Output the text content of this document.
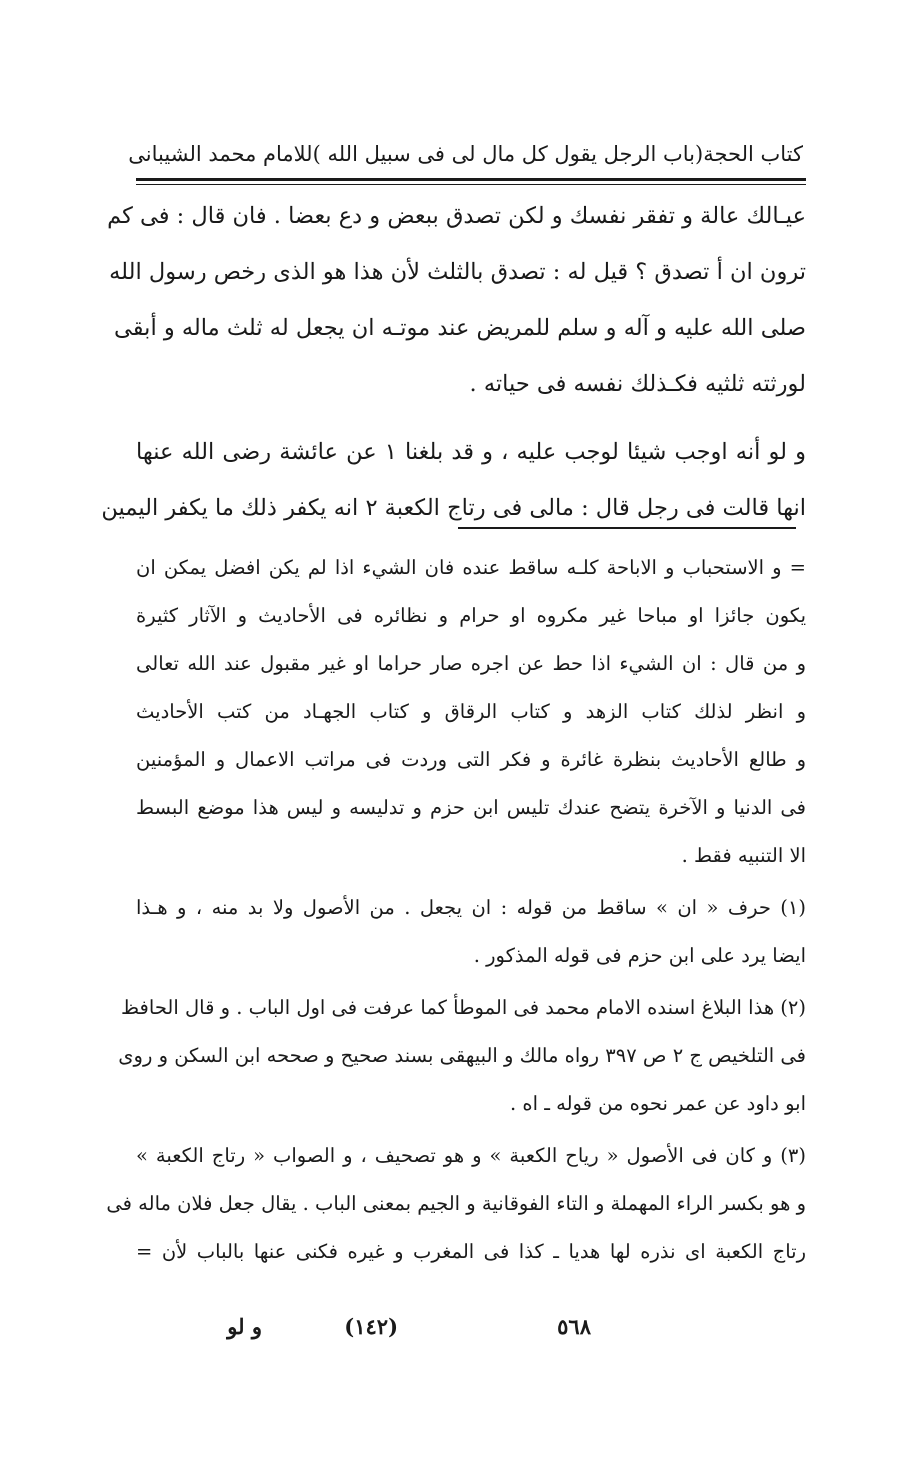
كتاب الحجة
(باب الرجل يقول كل مال لى فى سبيل الله )
للامام محمد الشيبانى
عيـالك عالة و تفقر نفسك و لكن تصدق ببعض و دع بعضا . فان قال : فى كم
ترون ان أ تصدق ؟ قيل له : تصدق بالثلث لأن هذا هو الذى رخص رسول الله
صلى الله عليه و آله و سلم للمريض عند موتـه ان يجعل له ثلث ماله و أبقى
لورثته ثلثيه فكـذلك نفسه فى حياته .
و لو أنه اوجب شيئا لوجب عليه ، و قد بلغنا ١ عن عائشة رضى الله عنها
انها قالت فى رجل قال : مالى فى رتاج الكعبة ٢ انه يكفر ذلك ما يكفر اليمين
= و الاستحباب و الاباحة كلـه ساقط عنده فان الشيء اذا لم يكن افضل يمكن ان
يكون جائزا او مباحا غير مكروه او حرام و نظائره فى الأحاديث و الآثار كثيرة
و من قال : ان الشيء اذا حط عن اجره صار حراما او غير مقبول عند الله تعالى
و انظر لذلك كتاب الزهد و كتاب الرقاق و كتاب الجهـاد من كتب الأحاديث
و طالع الأحاديث بنظرة غائرة و فكر التى وردت فى مراتب الاعمال و المؤمنين
فى الدنيا و الآخرة يتضح عندك تليس ابن حزم و تدليسه و ليس هذا موضع البسط
الا التنبيه فقط .
(١) حرف « ان » ساقط من قوله : ان يجعل . من الأصول ولا بد منه ، و هـذا
ايضا يرد على ابن حزم فى قوله المذكور .
(٢) هذا البلاغ اسنده الامام محمد فى الموطأ كما عرفت فى اول الباب . و قال الحافظ
فى التلخيص ج ٢ ص ٣٩٧ رواه مالك و البيهقى بسند صحيح و صححه ابن السكن و روى
ابو داود عن عمر نحوه من قوله ـ اه .
(٣) و كان فى الأصول « رياح الكعبة » و هو تصحيف ، و الصواب « رتاج الكعبة »
و هو بكسر الراء المهملة و التاء الفوقانية و الجيم بمعنى الباب . يقال جعل فلان ماله فى
رتاج الكعبة اى نذره لها هديا ـ كذا فى المغرب و غيره فكنى عنها بالباب لأن =
٥٦٨
(١٤٢)
و لو
